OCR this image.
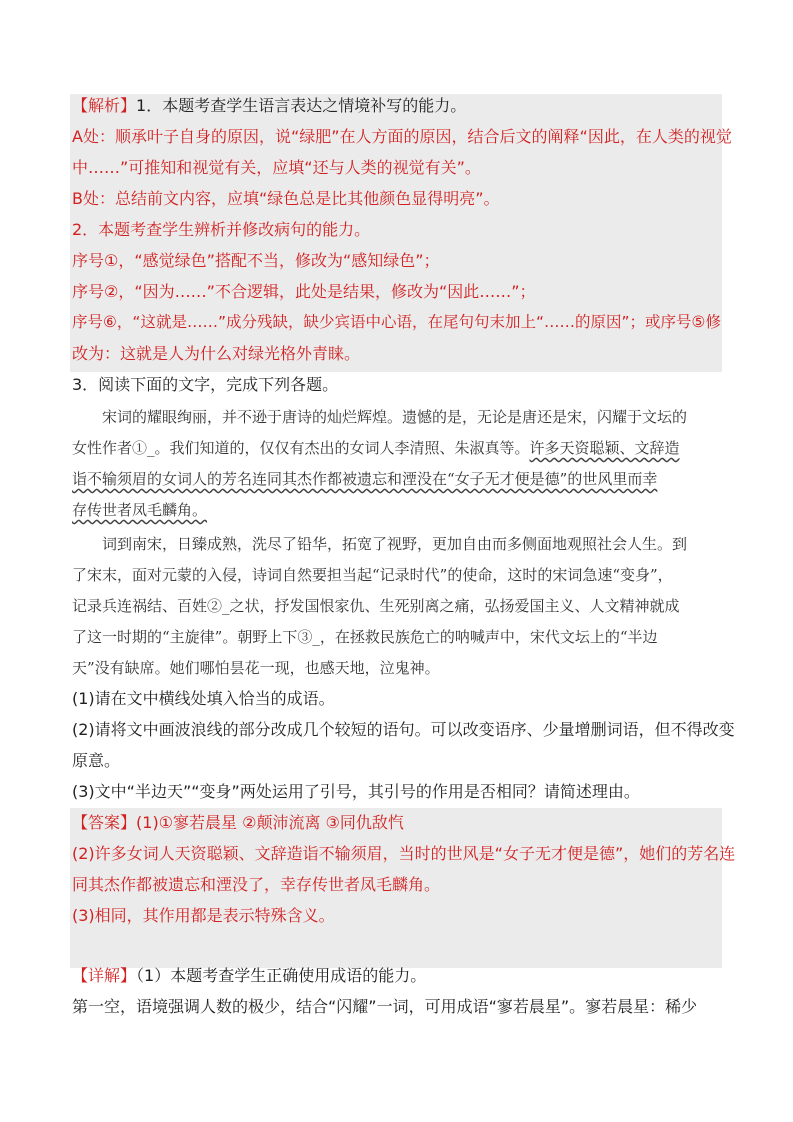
【解析】1．本题考查学生语言表达之情境补写的能力。
A处：顺承叶子自身的原因，说“绿肥”在人方面的原因，结合后文的阐释“因此，在人类的视觉
中……”可推知和视觉有关，应填“还与人类的视觉有关”。
B处：总结前文内容，应填“绿色总是比其他颜色显得明亮”。
2．本题考查学生辨析并修改病句的能力。
序号①，“感觉绿色”搭配不当，修改为“感知绿色”；
序号②，“因为……”不合逻辑，此处是结果，修改为“因此……”；
序号⑥，“这就是……”成分残缺，缺少宾语中心语，在尾句句末加上“……的原因”；或序号⑤修
改为：这就是人为什么对绿光格外青睐。
3．阅读下面的文字，完成下列各题。
宋词的耀眼绚丽，并不逊于唐诗的灿烂辉煌。遗憾的是，无论是唐还是宋，闪耀于文坛的
女性作者①_。我们知道的，仅仅有杰出的女词人李清照、朱淑真等。许多天资聪颖、文辞造
诣不输须眉的女词人的芳名连同其杰作都被遗忘和湮没在“女子无才便是德”的世风里而幸
存传世者凤毛麟角。
词到南宋，日臻成熟，洗尽了铅华，拓宽了视野，更加自由而多侧面地观照社会人生。到
了宋末，面对元蒙的入侵，诗词自然要担当起“记录时代”的使命，这时的宋词急速“变身”，
记录兵连祸结、百姓②_之状，抒发国恨家仇、生死别离之痛，弘扬爱国主义、人文精神就成
了这一时期的“主旋律”。朝野上下③_，在拯救民族危亡的呐喊声中，宋代文坛上的“半边
天”没有缺席。她们哪怕昙花一现，也感天地，泣鬼神。
(1)请在文中横线处填入恰当的成语。
(2)请将文中画波浪线的部分改成几个较短的语句。可以改变语序、少量增删词语，但不得改变
原意。
(3)文中“半边天”“变身”两处运用了引号，其引号的作用是否相同？请简述理由。
【答案】(1)①寥若晨星 ②颠沛流离 ③同仇敌忾
(2)许多女词人天资聪颖、文辞造诣不输须眉，当时的世风是“女子无才便是德”，她们的芳名连
同其杰作都被遗忘和湮没了，幸存传世者凤毛麟角。
(3)相同，其作用都是表示特殊含义。
【详解】（1）本题考查学生正确使用成语的能力。
第一空，语境强调人数的极少，结合“闪耀”一词，可用成语“寥若晨星”。寥若晨星：稀少
